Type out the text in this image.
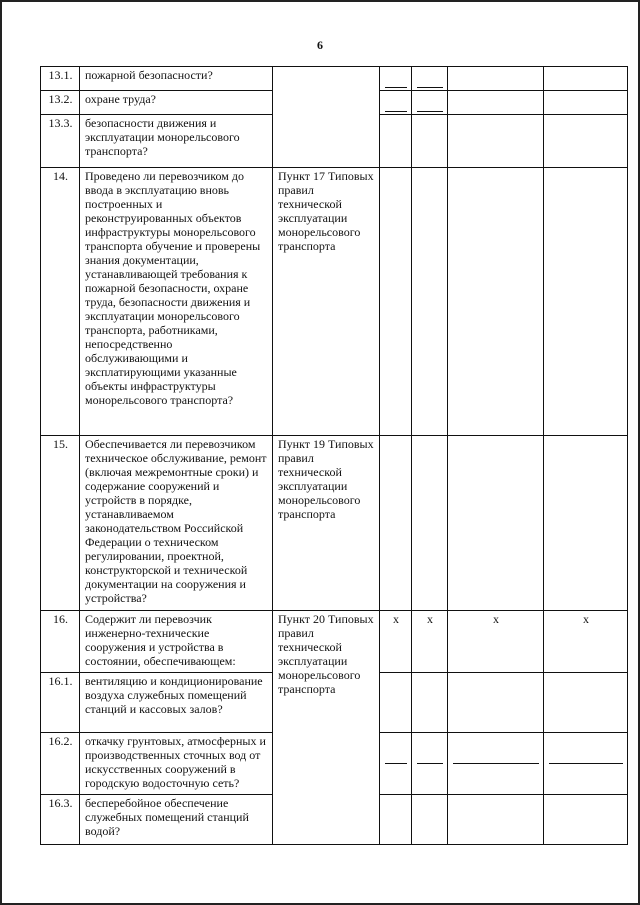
6
13.1.	пожарной безопасности?		

13.2.	охране труда?		

13.3.	безопасности движения и эксплуатации монорельсового транспорта?					
14.	Проведено ли перевозчиком до ввода в эксплуатацию вновь построенных и реконструированных объектов инфраструктуры монорельсового транспорта обучение и проверены знания документации, устанавливающей требования к пожарной безопасности, охране труда, безопасности движения и эксплуатации монорельсового транспорта, работниками, непосредственно обслуживающими и эксплатирующими указанные объекты инфраструктуры монорельсового транспорта?	Пункт 17 Типовых правил технической эксплуатации монорельсового транспорта				
15.	Обеспечивается ли перевозчиком техническое обслуживание, ремонт (включая межремонтные сроки) и содержание сооружений и устройств в порядке, устанавливаемом законодательством Российской Федерации о техническом регулировании, проектной, конструкторской и технической документации на сооружения и устройства?	Пункт 19 Типовых правил технической эксплуатации монорельсового транспорта				
16.	Содержит ли перевозчик инженерно-технические сооружения и устройства в состоянии, обеспечивающем:	Пункт 20 Типовых правил технической эксплуатации монорельсового транспорта	x	x	x	x
16.1.	вентиляцию и кондиционирование воздуха служебных помещений станций и кассовых залов?					
16.2.	откачку грунтовых, атмосферных и производственных сточных вод от искусственных сооружений в городскую водосточную сеть?		

16.3.	бесперебойное обеспечение служебных помещений станций водой?					
